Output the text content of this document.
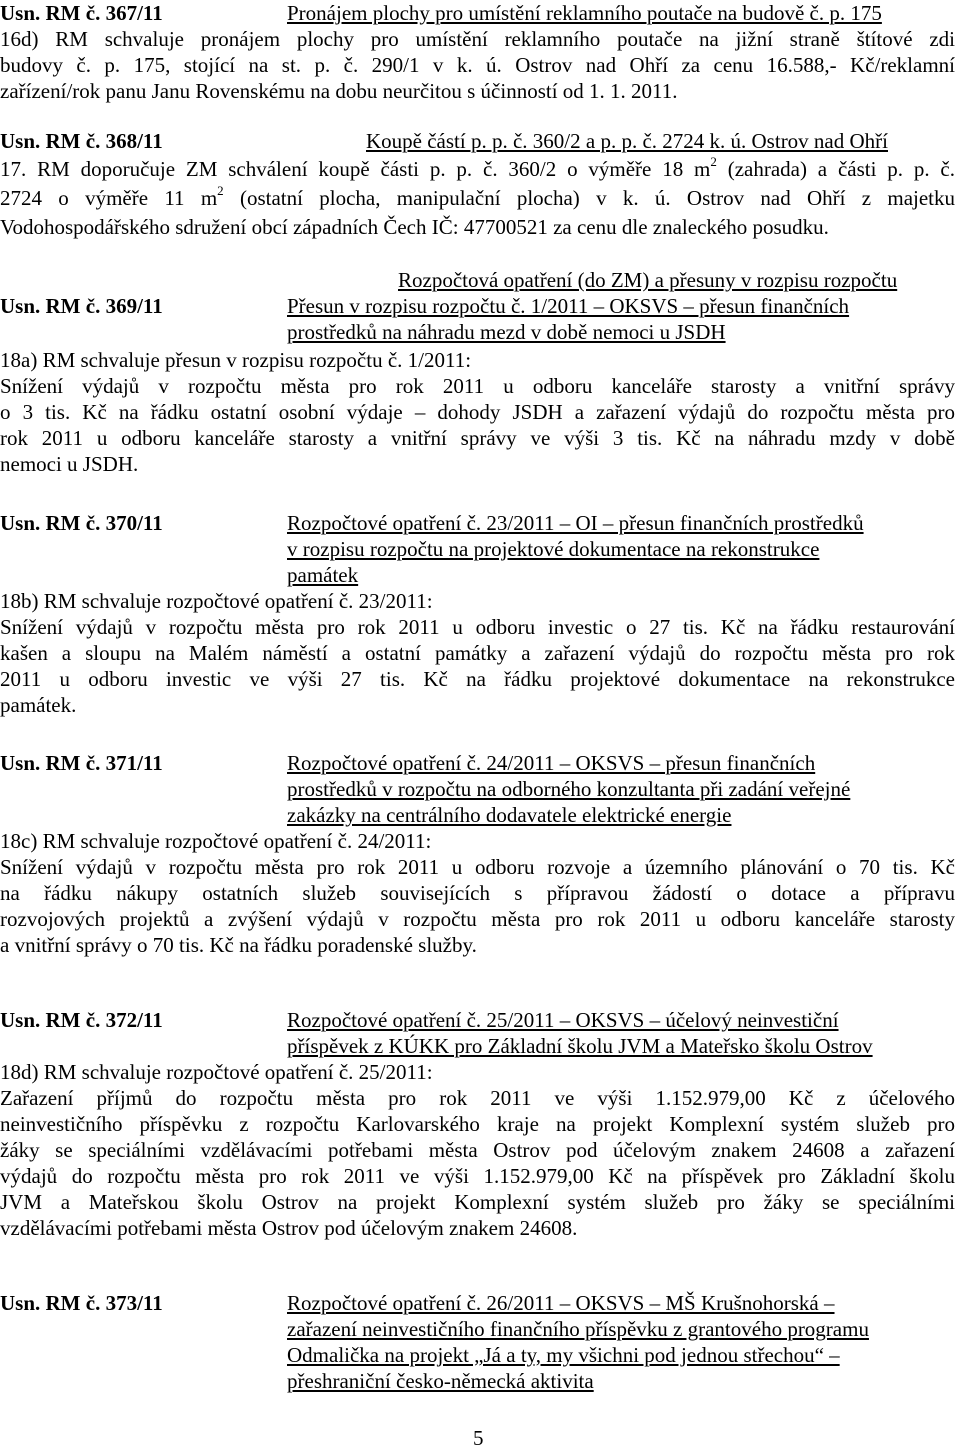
Usn. RM č. 367/11	Pronájem plochy pro umístění reklamního poutače na budově č. p. 175
16d) RM schvaluje pronájem plochy pro umístění reklamního poutače na jižní straně štítové zdi
budovy č. p. 175, stojící na st. p. č. 290/1 v k. ú. Ostrov nad Ohří za cenu 16.588,- Kč/reklamní
zařízení/rok panu Janu Rovenskému na dobu neurčitou s účinností od 1. 1. 2011.
Usn. RM č. 368/11	Koupě částí p. p. č. 360/2 a p. p. č. 2724 k. ú. Ostrov nad Ohří
17. RM doporučuje ZM schválení koupě části p. p. č. 360/2 o výměře 18 $m^2$ (zahrada) a části p. p. č.
2724 o výměře 11 $m^2$ (ostatní plocha, manipulační plocha) v k. ú. Ostrov nad Ohří z majetku
Vodohospodářského sdružení obcí západních Čech IČ: 47700521 za cenu dle znaleckého posudku.
Rozpočtová opatření (do ZM) a přesuny v rozpisu rozpočtu
Usn. RM č. 369/11	Přesun v rozpisu rozpočtu č. 1/2011 – OKSVS – přesun finančních
prostředků na náhradu mezd v době nemoci u JSDH
18a) RM schvaluje přesun v rozpisu rozpočtu č. 1/2011:
Snížení výdajů v rozpočtu města pro rok 2011 u odboru kanceláře starosty a vnitřní správy
o 3 tis. Kč na řádku ostatní osobní výdaje – dohody JSDH a zařazení výdajů do rozpočtu města pro
rok 2011 u odboru kanceláře starosty a vnitřní správy ve výši 3 tis. Kč na náhradu mzdy v době
nemoci u JSDH.
Usn. RM č. 370/11	Rozpočtové opatření č. 23/2011 – OI – přesun finančních prostředků
v rozpisu rozpočtu na projektové dokumentace na rekonstrukce
památek
18b) RM schvaluje rozpočtové opatření č. 23/2011:
Snížení výdajů v rozpočtu města pro rok 2011 u odboru investic o 27 tis. Kč na řádku restaurování
kašen a sloupu na Malém náměstí a ostatní památky a zařazení výdajů do rozpočtu města pro rok
2011 u odboru investic ve výši 27 tis. Kč na řádku projektové dokumentace na rekonstrukce
památek.
Usn. RM č. 371/11	Rozpočtové opatření č. 24/2011 – OKSVS – přesun finančních
prostředků v rozpočtu na odborného konzultanta při zadání veřejné
zakázky na centrálního dodavatele elektrické energie
18c) RM schvaluje rozpočtové opatření č. 24/2011:
Snížení výdajů v rozpočtu města pro rok 2011 u odboru rozvoje a územního plánování o 70 tis. Kč
na řádku nákupy ostatních služeb souvisejících s přípravou žádostí o dotace a přípravu
rozvojových projektů a zvýšení výdajů v rozpočtu města pro rok 2011 u odboru kanceláře starosty
a vnitřní správy o 70 tis. Kč na řádku poradenské služby.
Usn. RM č. 372/11	Rozpočtové opatření č. 25/2011 – OKSVS – účelový neinvestiční
příspěvek z KÚKK pro Základní školu JVM a Mateřsko školu Ostrov
18d) RM schvaluje rozpočtové opatření č. 25/2011:
Zařazení příjmů do rozpočtu města pro rok 2011 ve výši 1.152.979,00 Kč z účelového
neinvestičního příspěvku z rozpočtu Karlovarského kraje na projekt Komplexní systém služeb pro
žáky se speciálními vzdělávacími potřebami města Ostrov pod účelovým znakem 24608 a zařazení
výdajů do rozpočtu města pro rok 2011 ve výši 1.152.979,00 Kč na příspěvek pro Základní školu
JVM a Mateřskou školu Ostrov na projekt Komplexní systém služeb pro žáky se speciálními
vzdělávacími potřebami města Ostrov pod účelovým znakem 24608.
Usn. RM č. 373/11	Rozpočtové opatření č. 26/2011 – OKSVS – MŠ Krušnohorská –
zařazení neinvestičního finančního příspěvku z grantového programu
Odmalička na projekt „Já a ty, my všichni pod jednou střechou“ –
přeshraniční česko-německá aktivita
5
